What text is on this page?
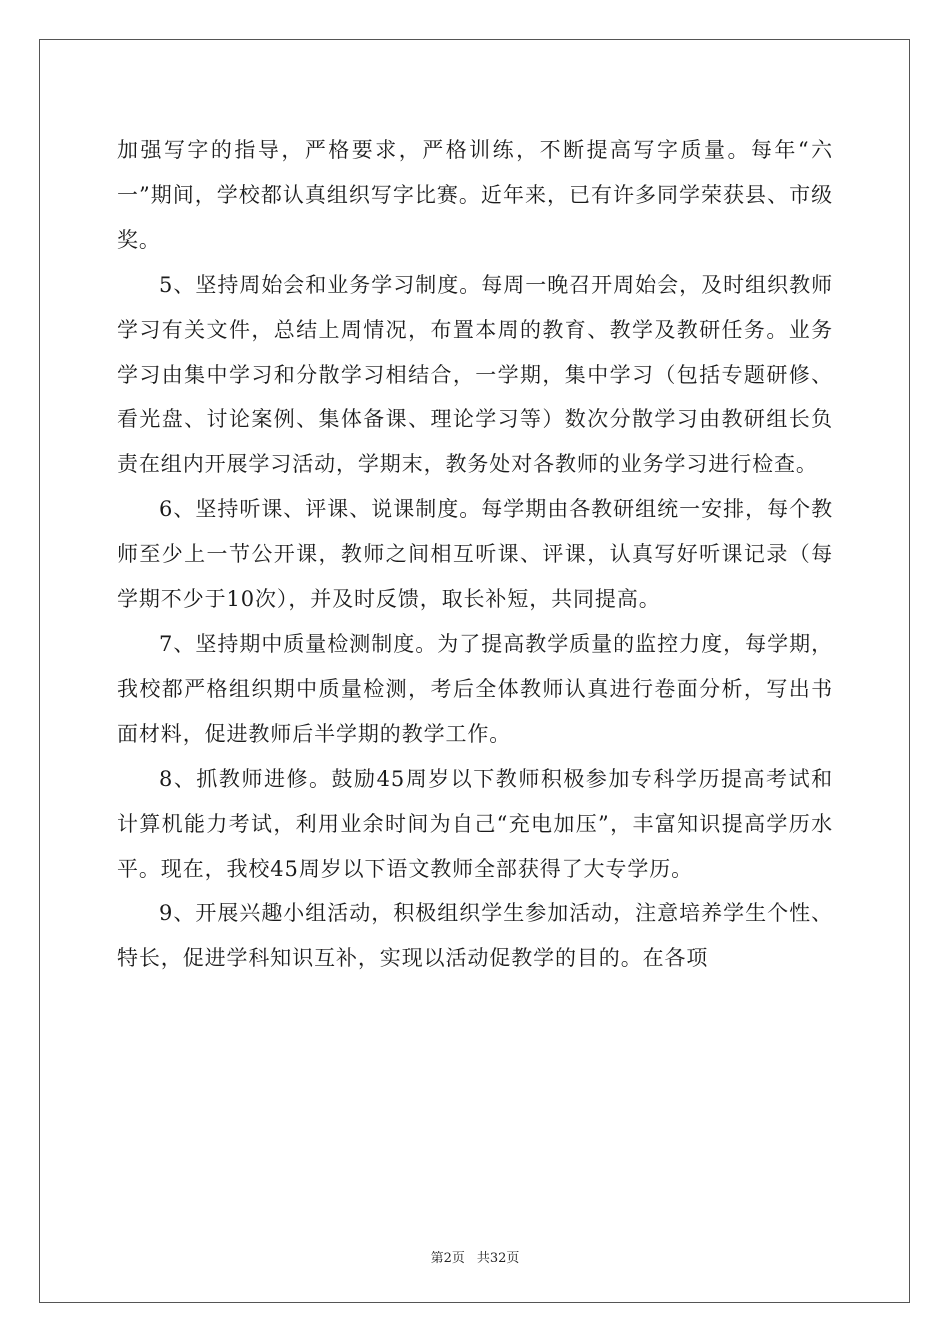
加强写字的指导，严格要求，严格训练，不断提高写字质量。每年“六一”期间，学校都认真组织写字比赛。近年来，已有许多同学荣获县、市级奖。

5、坚持周始会和业务学习制度。每周一晚召开周始会，及时组织教师学习有关文件，总结上周情况，布置本周的教育、教学及教研任务。业务学习由集中学习和分散学习相结合，一学期，集中学习（包括专题研修、看光盘、讨论案例、集体备课、理论学习等）数次分散学习由教研组长负责在组内开展学习活动，学期末，教务处对各教师的业务学习进行检查。

6、坚持听课、评课、说课制度。每学期由各教研组统一安排，每个教师至少上一节公开课，教师之间相互听课、评课，认真写好听课记录（每学期不少于10次），并及时反馈，取长补短，共同提高。

7、坚持期中质量检测制度。为了提高教学质量的监控力度，每学期，我校都严格组织期中质量检测，考后全体教师认真进行卷面分析，写出书面材料，促进教师后半学期的教学工作。

8、抓教师进修。鼓励45周岁以下教师积极参加专科学历提高考试和计算机能力考试，利用业余时间为自己“充电加压”，丰富知识提高学历水平。现在，我校45周岁以下语文教师全部获得了大专学历。

9、开展兴趣小组活动，积极组织学生参加活动，注意培养学生个性、特长，促进学科知识互补，实现以活动促教学的目的。在各项

第2页 共32页
